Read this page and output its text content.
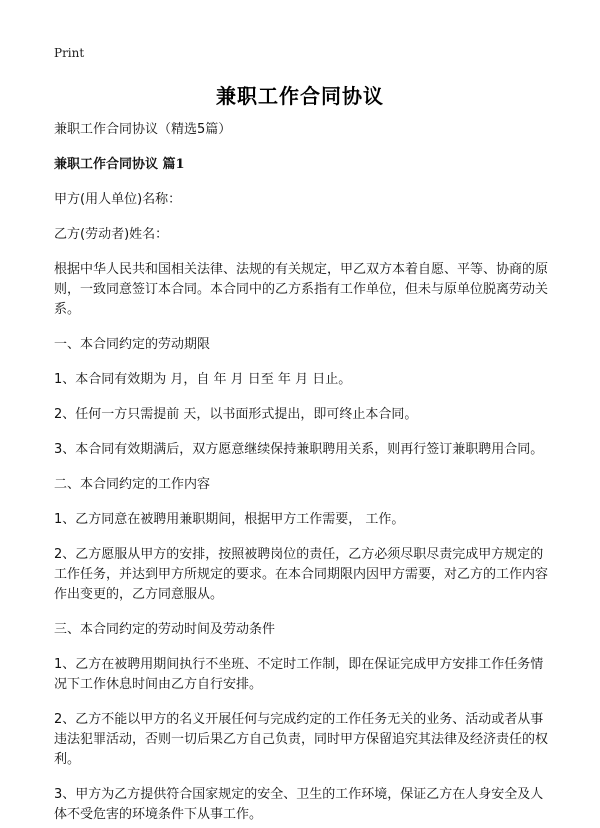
Print
兼职工作合同协议

兼职工作合同协议（精选5篇）

兼职工作合同协议 篇1

甲方(用人单位)名称：

乙方(劳动者)姓名：

根据中华人民共和国相关法律、法规的有关规定，甲乙双方本着自愿、平等、协商的原则，一致同意签订本合同。本合同中的乙方系指有工作单位，但未与原单位脱离劳动关系。

一、本合同约定的劳动期限

1、本合同有效期为 月，自 年 月 日至 年 月 日止。

2、任何一方只需提前 天，以书面形式提出，即可终止本合同。

3、本合同有效期满后，双方愿意继续保持兼职聘用关系，则再行签订兼职聘用合同。

二、本合同约定的工作内容

1、乙方同意在被聘用兼职期间，根据甲方工作需要， 工作。

2、乙方愿服从甲方的安排，按照被聘岗位的责任，乙方必须尽职尽责完成甲方规定的工作任务，并达到甲方所规定的要求。在本合同期限内因甲方需要，对乙方的工作内容作出变更的，乙方同意服从。

三、本合同约定的劳动时间及劳动条件

1、乙方在被聘用期间执行不坐班、不定时工作制，即在保证完成甲方安排工作任务情况下工作休息时间由乙方自行安排。

2、乙方不能以甲方的名义开展任何与完成约定的工作任务无关的业务、活动或者从事违法犯罪活动，否则一切后果乙方自己负责，同时甲方保留追究其法律及经济责任的权利。

3、甲方为乙方提供符合国家规定的安全、卫生的工作环境，保证乙方在人身安全及人体不受危害的环境条件下从事工作。
